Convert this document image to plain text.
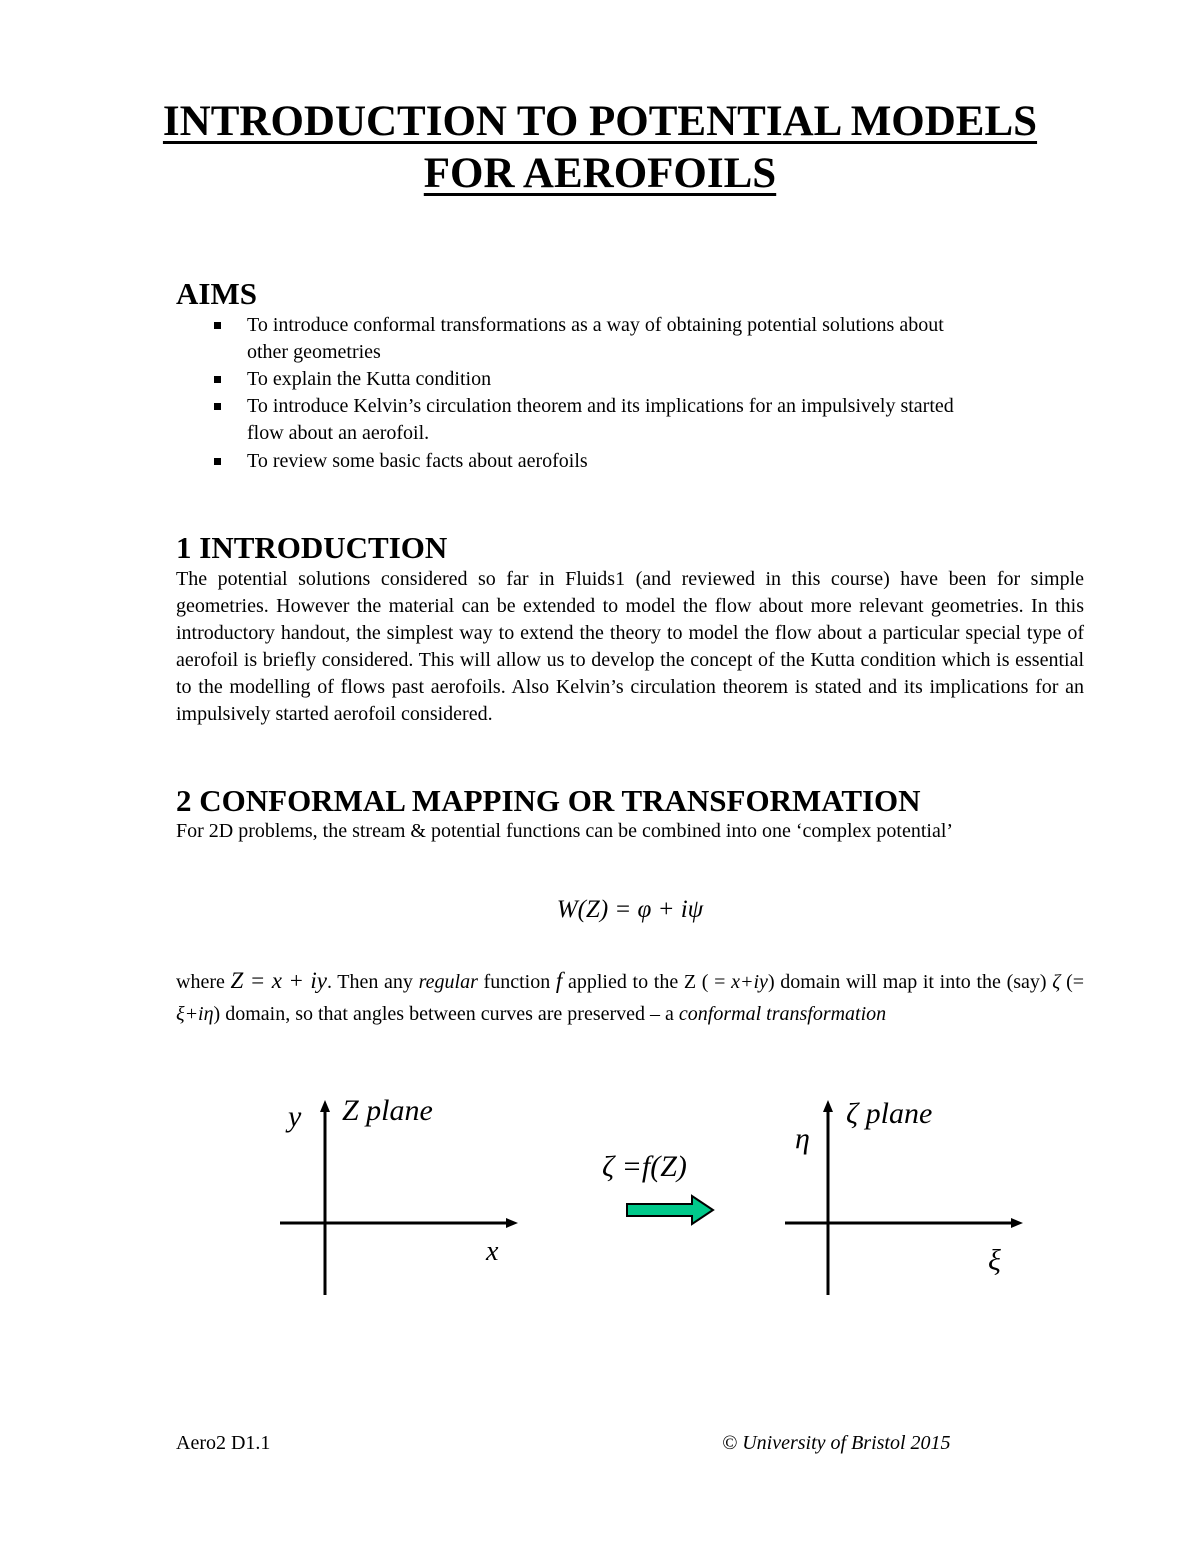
INTRODUCTION TO POTENTIAL MODELS
FOR AEROFOILS
AIMS
To introduce conformal transformations as a way of obtaining potential solutions about
other geometries
To explain the Kutta condition
To introduce Kelvin’s circulation theorem and its implications for an impulsively started
flow about an aerofoil.
To review some basic facts about aerofoils
1 INTRODUCTION

The potential solutions considered so far in Fluids1 (and reviewed in this course) have been for simple geometries. However the material can be extended to model the flow about more relevant geometries. In this introductory handout, the simplest way to extend the theory to model the flow about a particular special type of aerofoil is briefly considered. This will allow us to develop the concept of the Kutta condition which is essential to the modelling of flows past aerofoils. Also Kelvin’s circulation theorem is stated and its implications for an impulsively started aerofoil considered.

2 CONFORMAL MAPPING OR TRANSFORMATION

For 2D problems, the stream & potential functions can be combined into one ‘complex potential’

W(Z) = φ + iψ

where Z = x + iy. Then any regular function f applied to the Z ( = x+iy) domain will map it into the (say) ζ (= ξ+iη) domain, so that angles between curves are preserved – a conformal transformation

y Z plane
x
ζ =f(Z)
η
ζ plane
ξ
Aero2 D1.1	© University of Bristol 2015
